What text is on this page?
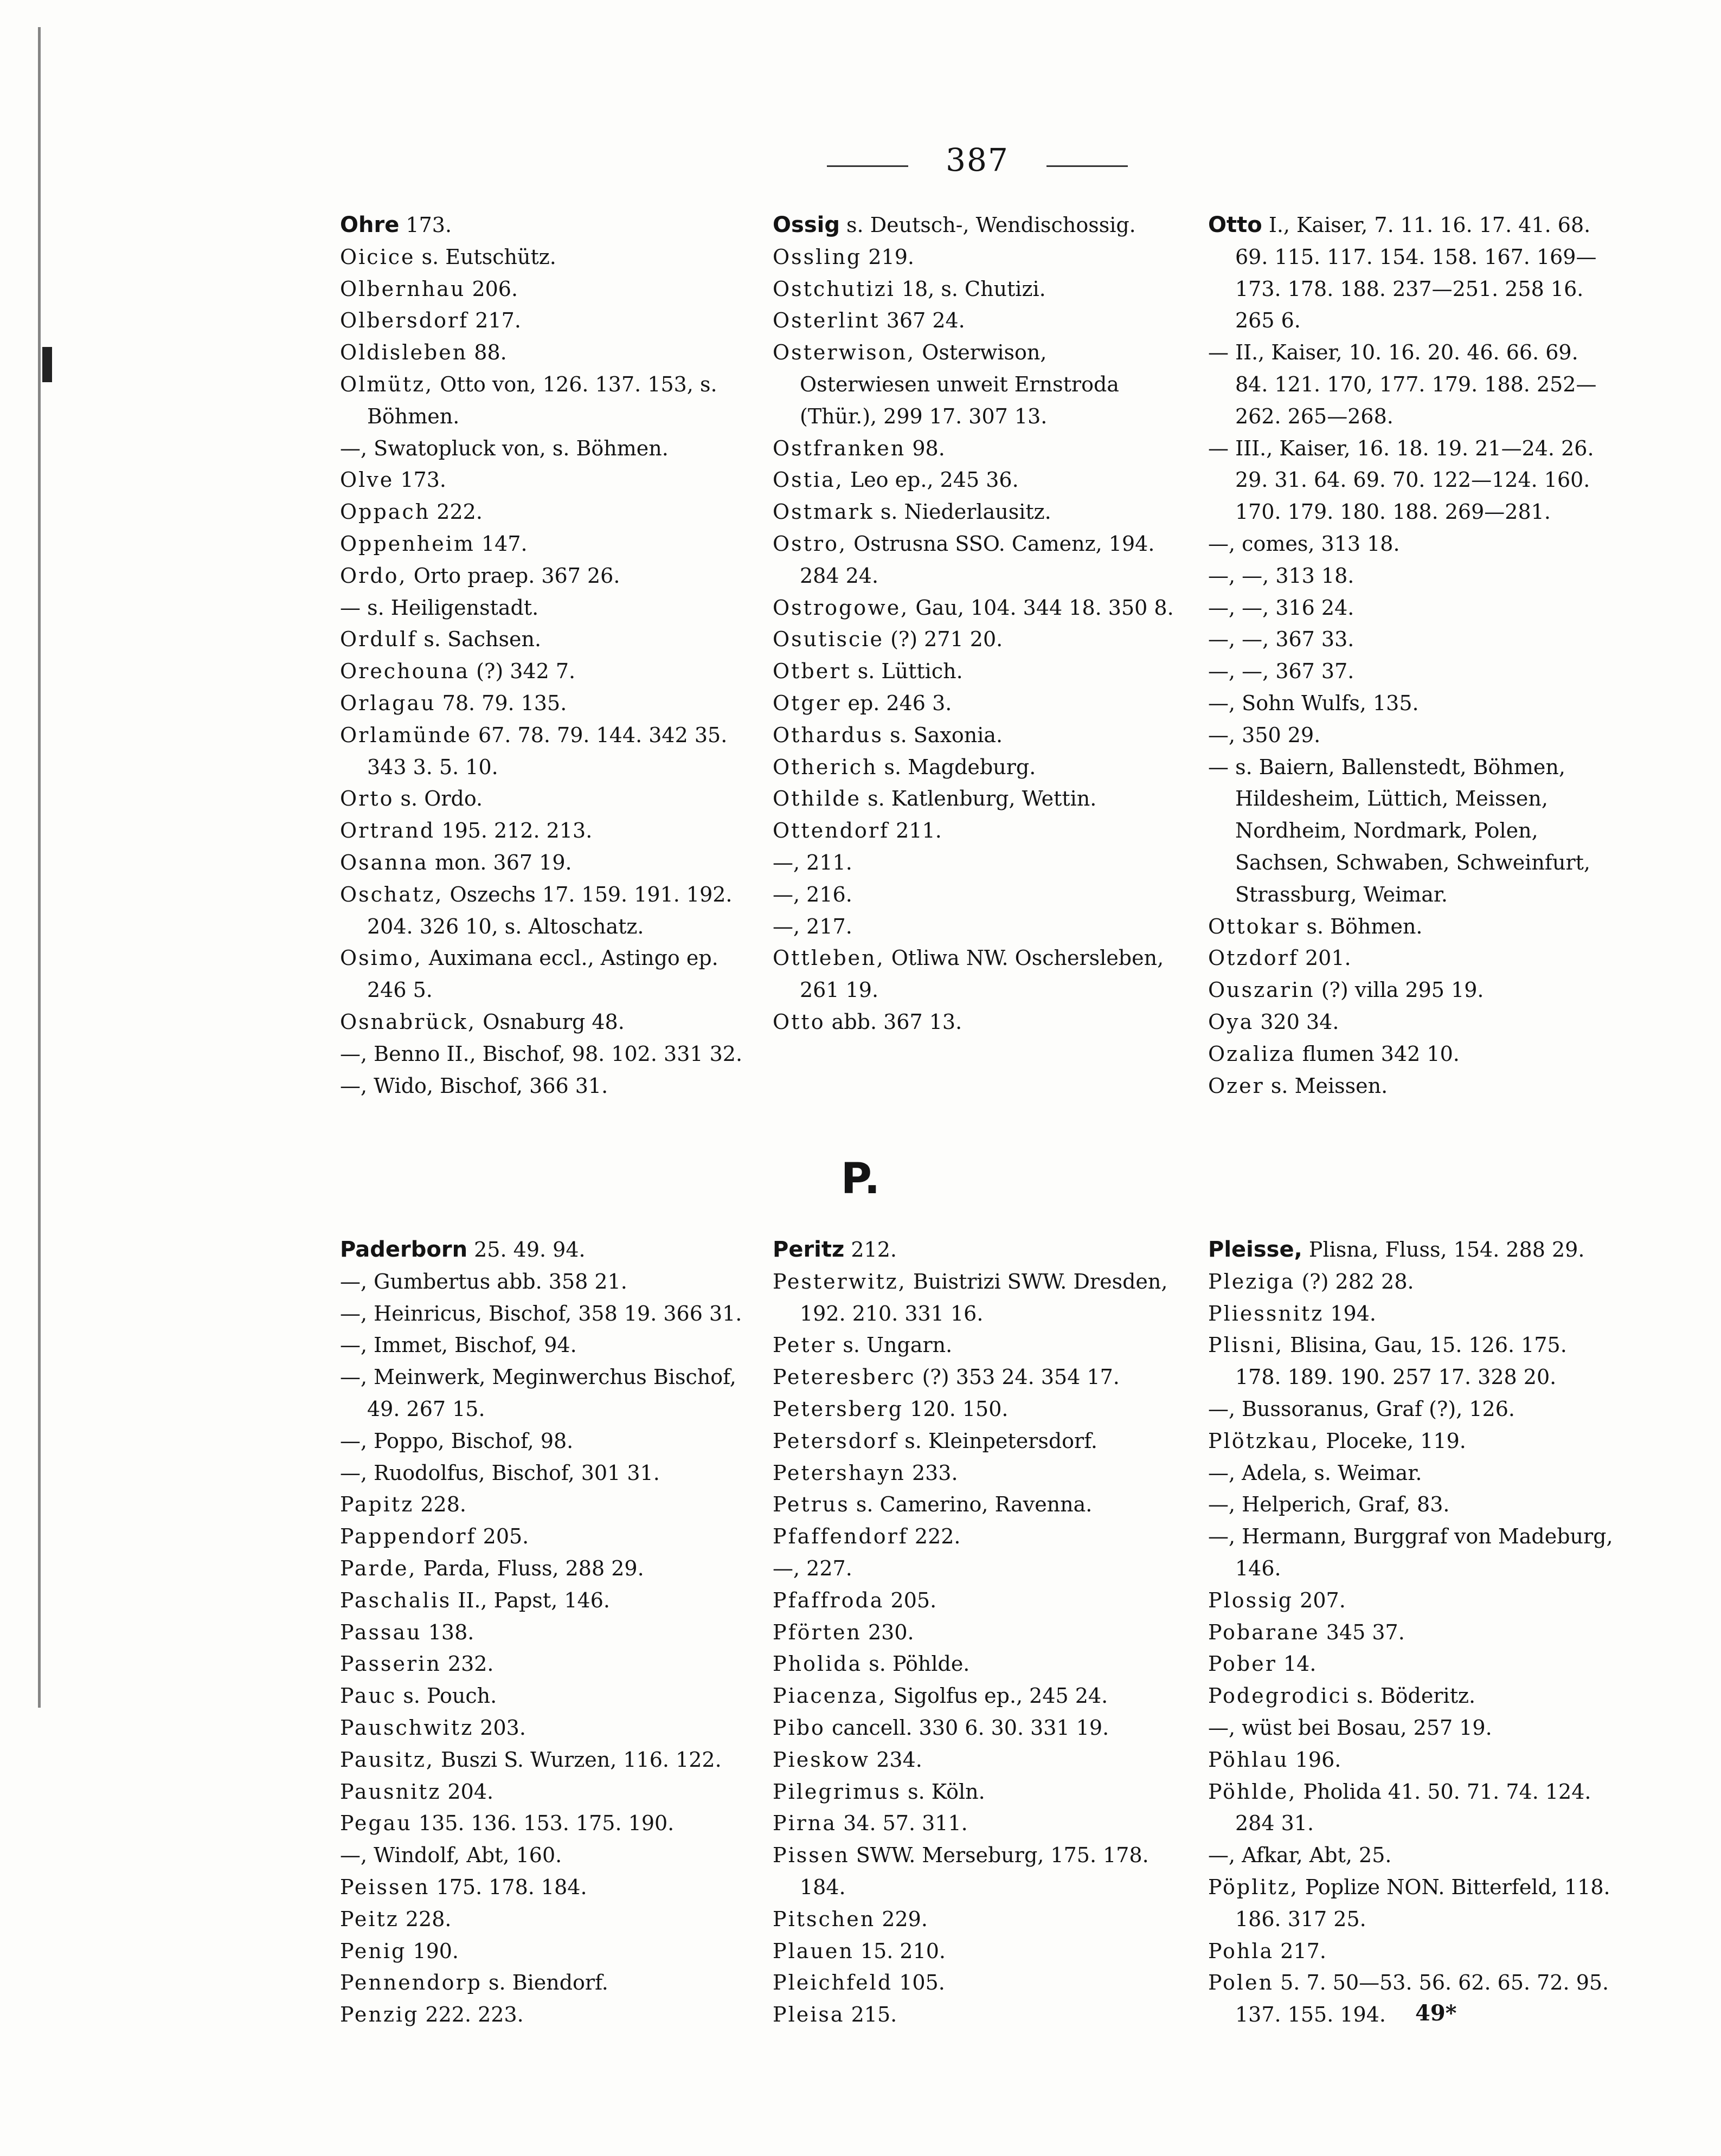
387

Ohre 173.

Oicice s. Eutschütz.

Olbernhau 206.

Olbersdorf 217.

Oldisleben 88.

Olmütz, Otto von, 126. 137. 153, s. Böhmen.

—, Swatopluck von, s. Böhmen.

Olve 173.

Oppach 222.

Oppenheim 147.

Ordo, Orto praep. 367 26.

— s. Heiligenstadt.

Ordulf s. Sachsen.

Orechouna (?) 342 7.

Orlagau 78. 79. 135.

Orlamünde 67. 78. 79. 144. 342 35. 343 3. 5. 10.

Orto s. Ordo.

Ortrand 195. 212. 213.

Osanna mon. 367 19.

Oschatz, Oszechs 17. 159. 191. 192. 204. 326 10, s. Altoschatz.

Osimo, Auximana eccl., Astingo ep. 246 5.

Osnabrück, Osnaburg 48.

—, Benno II., Bischof, 98. 102. 331 32.

—, Wido, Bischof, 366 31.

Ossig s. Deutsch-, Wendischossig.

Ossling 219.

Ostchutizi 18, s. Chutizi.

Osterlint 367 24.

Osterwison, Osterwison, Osterwiesen unweit Ernstroda (Thür.), 299 17. 307 13.

Ostfranken 98.

Ostia, Leo ep., 245 36.

Ostmark s. Niederlausitz.

Ostro, Ostrusna SSO. Camenz, 194. 284 24.

Ostrogowe, Gau, 104. 344 18. 350 8.

Osutiscie (?) 271 20.

Otbert s. Lüttich.

Otger ep. 246 3.

Othardus s. Saxonia.

Otherich s. Magdeburg.

Othilde s. Katlenburg, Wettin.

Ottendorf 211.

—, 211.

—, 216.

—, 217.

Ottleben, Otliwa NW. Oschersleben, 261 19.

Otto abb. 367 13.

Otto I., Kaiser, 7. 11. 16. 17. 41. 68. 69. 115. 117. 154. 158. 167. 169—173. 178. 188. 237—251. 258 16. 265 6.

— II., Kaiser, 10. 16. 20. 46. 66. 69. 84. 121. 170, 177. 179. 188. 252—262. 265—268.

— III., Kaiser, 16. 18. 19. 21—24. 26. 29. 31. 64. 69. 70. 122—124. 160. 170. 179. 180. 188. 269—281.

—, comes, 313 18.

—, —, 313 18.

—, —, 316 24.

—, —, 367 33.

—, —, 367 37.

—, Sohn Wulfs, 135.

—, 350 29.

— s. Baiern, Ballenstedt, Böhmen, Hildesheim, Lüttich, Meissen, Nordheim, Nordmark, Polen, Sachsen, Schwaben, Schweinfurt, Strassburg, Weimar.

Ottokar s. Böhmen.

Otzdorf 201.

Ouszarin (?) villa 295 19.

Oya 320 34.

Ozaliza flumen 342 10.

Ozer s. Meissen.

P.

Paderborn 25. 49. 94.

—, Gumbertus abb. 358 21.

—, Heinricus, Bischof, 358 19. 366 31.

—, Immet, Bischof, 94.

—, Meinwerk, Meginwerchus Bischof, 49. 267 15.

—, Poppo, Bischof, 98.

—, Ruodolfus, Bischof, 301 31.

Papitz 228.

Pappendorf 205.

Parde, Parda, Fluss, 288 29.

Paschalis II., Papst, 146.

Passau 138.

Passerin 232.

Pauc s. Pouch.

Pauschwitz 203.

Pausitz, Buszi S. Wurzen, 116. 122.

Pausnitz 204.

Pegau 135. 136. 153. 175. 190.

—, Windolf, Abt, 160.

Peissen 175. 178. 184.

Peitz 228.

Penig 190.

Pennendorp s. Biendorf.

Penzig 222. 223.

Peritz 212.

Pesterwitz, Buistrizi SWW. Dresden, 192. 210. 331 16.

Peter s. Ungarn.

Peteresberc (?) 353 24. 354 17.

Petersberg 120. 150.

Petersdorf s. Kleinpetersdorf.

Petershayn 233.

Petrus s. Camerino, Ravenna.

Pfaffendorf 222.

—, 227.

Pfaffroda 205.

Pförten 230.

Pholida s. Pöhlde.

Piacenza, Sigolfus ep., 245 24.

Pibo cancell. 330 6. 30. 331 19.

Pieskow 234.

Pilegrimus s. Köln.

Pirna 34. 57. 311.

Pissen SWW. Merseburg, 175. 178. 184.

Pitschen 229.

Plauen 15. 210.

Pleichfeld 105.

Pleisa 215.

Pleisse, Plisna, Fluss, 154. 288 29.

Pleziga (?) 282 28.

Pliessnitz 194.

Plisni, Blisina, Gau, 15. 126. 175. 178. 189. 190. 257 17. 328 20.

—, Bussoranus, Graf (?), 126.

Plötzkau, Ploceke, 119.

—, Adela, s. Weimar.

—, Helperich, Graf, 83.

—, Hermann, Burggraf von Madeburg, 146.

Plossig 207.

Pobarane 345 37.

Pober 14.

Podegrodici s. Böderitz.

—, wüst bei Bosau, 257 19.

Pöhlau 196.

Pöhlde, Pholida 41. 50. 71. 74. 124. 284 31.

—, Afkar, Abt, 25.

Pöplitz, Poplize NON. Bitterfeld, 118. 186. 317 25.

Pohla 217.

Polen 5. 7. 50—53. 56. 62. 65. 72. 95. 137. 155. 194.	49*
